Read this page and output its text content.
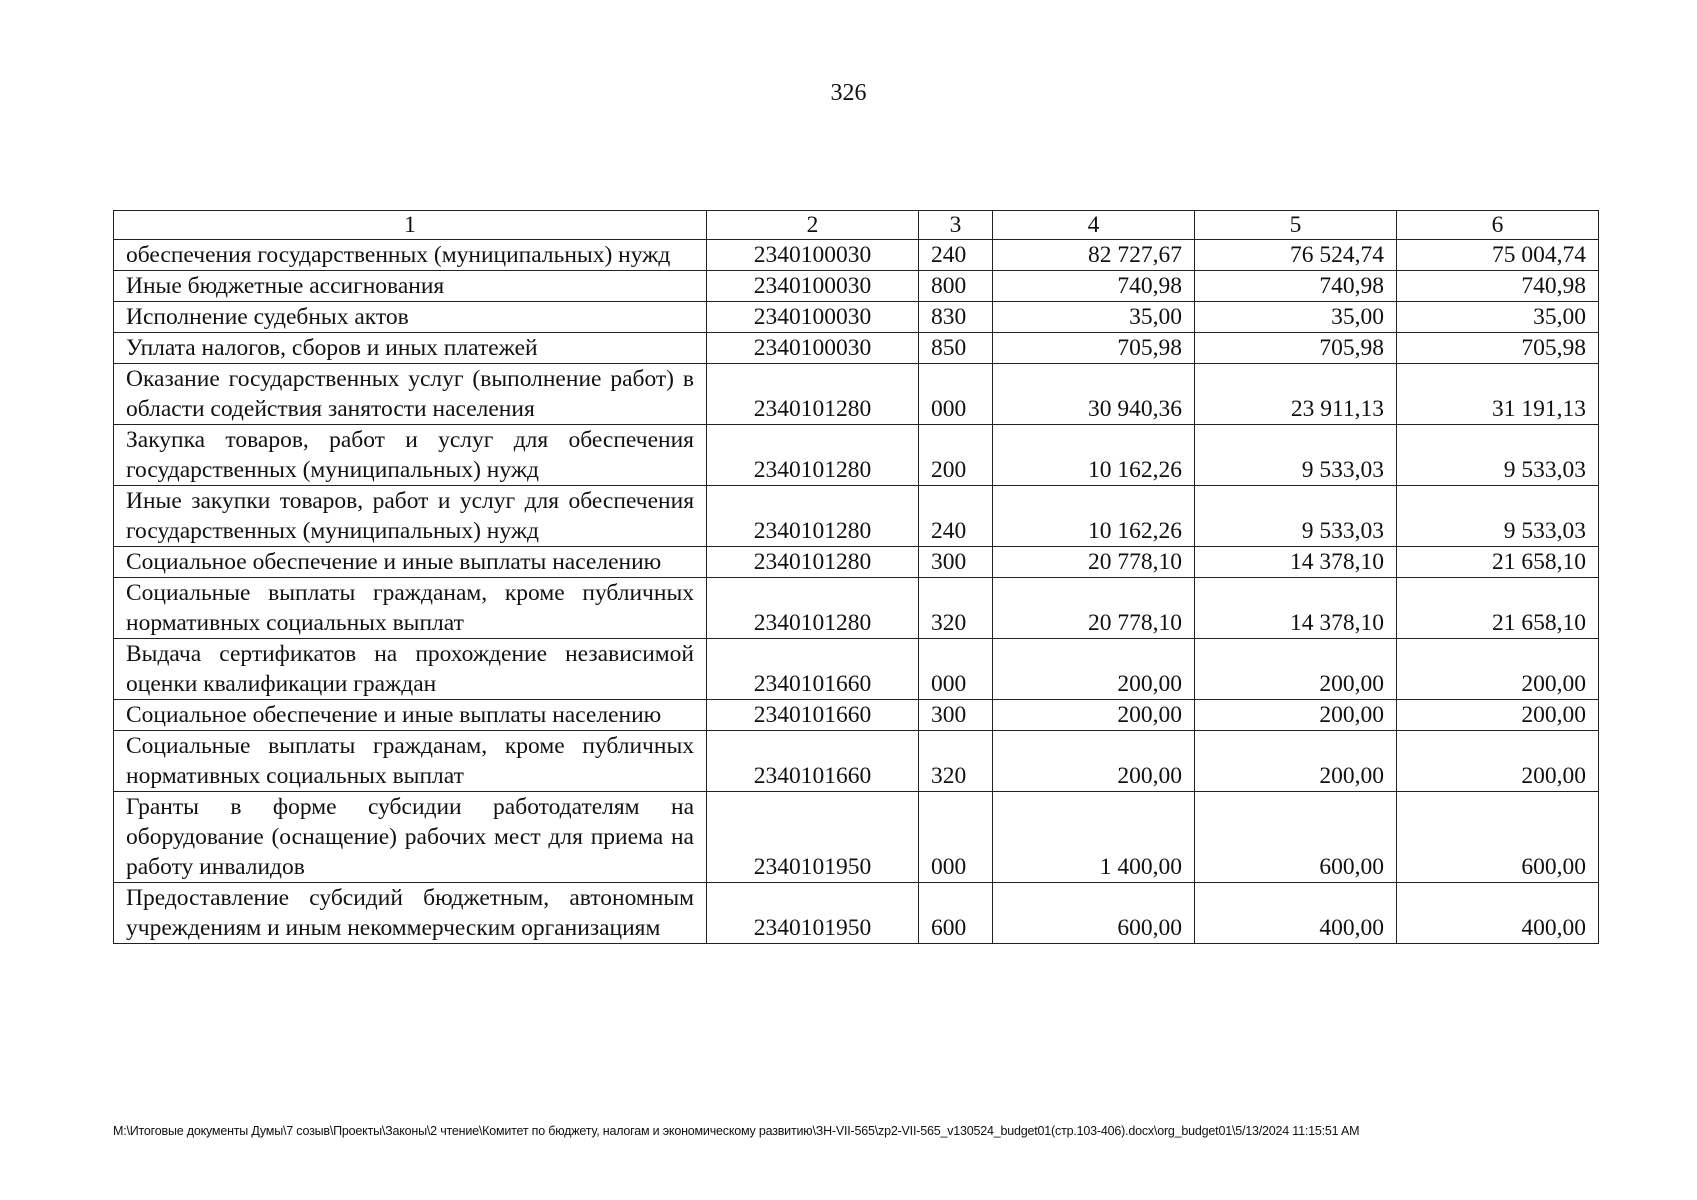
326
1	2	3	4	5	6
обеспечения государственных (муниципальных) нужд	2340100030	240	82 727,67	76 524,74	75 004,74
Иные бюджетные ассигнования	2340100030	800	740,98	740,98	740,98
Исполнение судебных актов	2340100030	830	35,00	35,00	35,00
Уплата налогов, сборов и иных платежей	2340100030	850	705,98	705,98	705,98
Оказание государственных услуг (выполнение работ) в области содействия занятости населения	2340101280	000	30 940,36	23 911,13	31 191,13
Закупка товаров, работ и услуг для обеспечения государственных (муниципальных) нужд	2340101280	200	10 162,26	9 533,03	9 533,03
Иные закупки товаров, работ и услуг для обеспечения государственных (муниципальных) нужд	2340101280	240	10 162,26	9 533,03	9 533,03
Социальное обеспечение и иные выплаты населению	2340101280	300	20 778,10	14 378,10	21 658,10
Социальные выплаты гражданам, кроме публичных нормативных социальных выплат	2340101280	320	20 778,10	14 378,10	21 658,10
Выдача сертификатов на прохождение независимой оценки квалификации граждан	2340101660	000	200,00	200,00	200,00
Социальное обеспечение и иные выплаты населению	2340101660	300	200,00	200,00	200,00
Социальные выплаты гражданам, кроме публичных нормативных социальных выплат	2340101660	320	200,00	200,00	200,00
Гранты в форме субсидии работодателям на оборудование (оснащение) рабочих мест для приема на работу инвалидов	2340101950	000	1 400,00	600,00	600,00
Предоставление субсидий бюджетным, автономным учреждениям и иным некоммерческим организациям	2340101950	600	600,00	400,00	400,00
M:\Итоговые документы Думы\7 созыв\Проекты\Законы\2 чтение\Комитет по бюджету, налогам и экономическому развитию\ЗН-VII-565\zp2-VII-565_v130524_budget01(стр.103-406).docx\org_budget01\5/13/2024 11:15:51 AM
